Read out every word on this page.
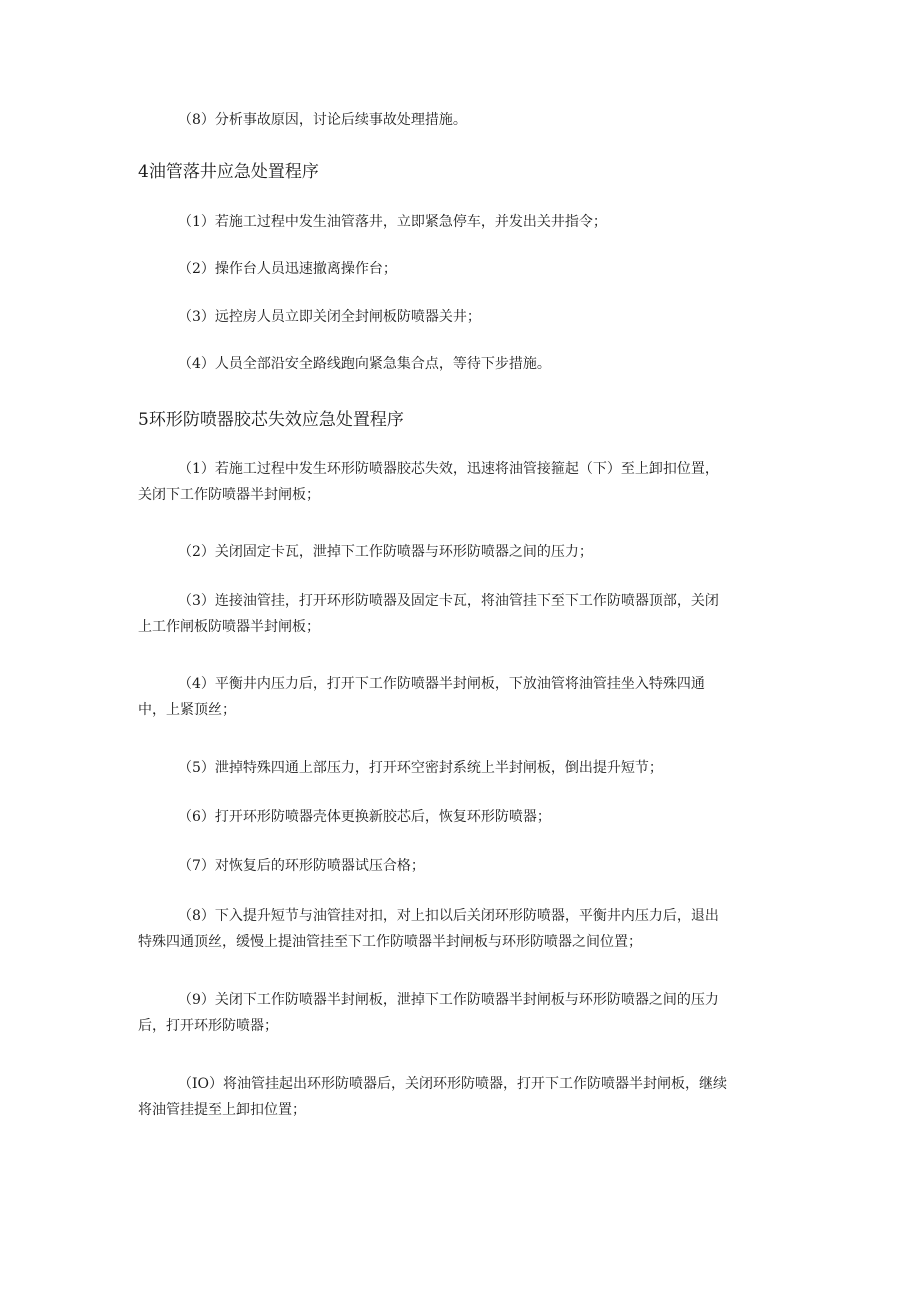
（8）分析事故原因，讨论后续事故处理措施。

4油管落井应急处置程序

（1）若施工过程中发生油管落井，立即紧急停车，并发出关井指令；

（2）操作台人员迅速撤离操作台；

（3）远控房人员立即关闭全封闸板防喷器关井；

（4）人员全部沿安全路线跑向紧急集合点，等待下步措施。

5环形防喷器胶芯失效应急处置程序

（1）若施工过程中发生环形防喷器胶芯失效，迅速将油管接箍起（下）至上卸扣位置，
关闭下工作防喷器半封闸板；

（2）关闭固定卡瓦，泄掉下工作防喷器与环形防喷器之间的压力；

（3）连接油管挂，打开环形防喷器及固定卡瓦，将油管挂下至下工作防喷器顶部，关闭
上工作闸板防喷器半封闸板；

（4）平衡井内压力后，打开下工作防喷器半封闸板，下放油管将油管挂坐入特殊四通
中，上紧顶丝；

（5）泄掉特殊四通上部压力，打开环空密封系统上半封闸板，倒出提升短节；

（6）打开环形防喷器壳体更换新胶芯后，恢复环形防喷器；

（7）对恢复后的环形防喷器试压合格；

（8）下入提升短节与油管挂对扣，对上扣以后关闭环形防喷器，平衡井内压力后，退出
特殊四通顶丝，缓慢上提油管挂至下工作防喷器半封闸板与环形防喷器之间位置；

（9）关闭下工作防喷器半封闸板，泄掉下工作防喷器半封闸板与环形防喷器之间的压力
后，打开环形防喷器；

（IO）将油管挂起出环形防喷器后，关闭环形防喷器，打开下工作防喷器半封闸板，继续
将油管挂提至上卸扣位置；
